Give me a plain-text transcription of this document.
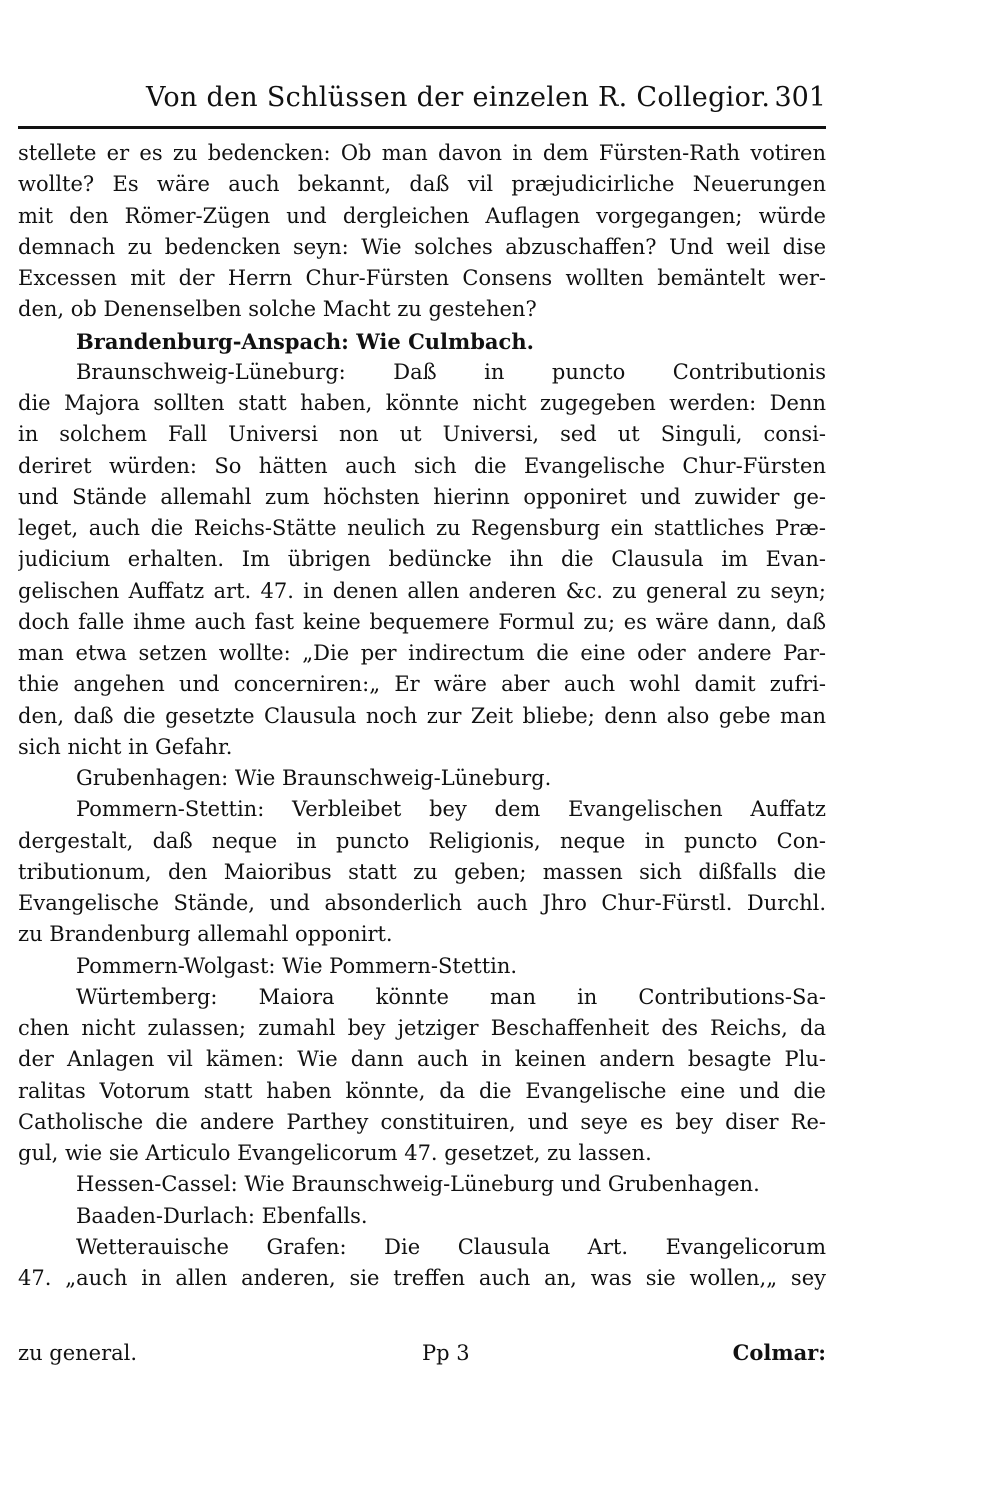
Von den Schlüssen der einzelen R. Collegior. 301
stellete er es zu bedencken: Ob man davon in dem Fürsten-Rath votiren
wollte? Es wäre auch bekannt, daß vil præjudicirliche Neuerungen
mit den Römer-Zügen und dergleichen Auflagen vorgegangen; würde
demnach zu bedencken seyn: Wie solches abzuschaffen? Und weil dise
Excessen mit der Herrn Chur-Fürsten Consens wollten bemäntelt wer-
den, ob Denenselben solche Macht zu gestehen?
Brandenburg-Anspach: Wie Culmbach.
Braunschweig-Lüneburg: Daß in puncto Contributionis
die Majora sollten statt haben, könnte nicht zugegeben werden: Denn
in solchem Fall Universi non ut Universi, sed ut Singuli, consi-
deriret würden: So hätten auch sich die Evangelische Chur-Fürsten
und Stände allemahl zum höchsten hierinn opponiret und zuwider ge-
leget, auch die Reichs-Stätte neulich zu Regensburg ein stattliches Præ-
judicium erhalten. Im übrigen bedüncke ihn die Clausula im Evan-
gelischen Auffatz art. 47. in denen allen anderen &c. zu general zu seyn;
doch falle ihme auch fast keine bequemere Formul zu; es wäre dann, daß
man etwa setzen wollte: „Die per indirectum die eine oder andere Par-
thie angehen und concerniren:„ Er wäre aber auch wohl damit zufri-
den, daß die gesetzte Clausula noch zur Zeit bliebe; denn also gebe man
sich nicht in Gefahr.
Grubenhagen: Wie Braunschweig-Lüneburg.
Pommern-Stettin: Verbleibet bey dem Evangelischen Auffatz
dergestalt, daß neque in puncto Religionis, neque in puncto Con-
tributionum, den Maioribus statt zu geben; massen sich dißfalls die
Evangelische Stände, und absonderlich auch Jhro Chur-Fürstl. Durchl.
zu Brandenburg allemahl opponirt.
Pommern-Wolgast: Wie Pommern-Stettin.
Würtemberg: Maiora könnte man in Contributions-Sa-
chen nicht zulassen; zumahl bey jetziger Beschaffenheit des Reichs, da
der Anlagen vil kämen: Wie dann auch in keinen andern besagte Plu-
ralitas Votorum statt haben könnte, da die Evangelische eine und die
Catholische die andere Parthey constituiren, und seye es bey diser Re-
gul, wie sie Articulo Evangelicorum 47. gesetzet, zu lassen.
Hessen-Cassel: Wie Braunschweig-Lüneburg und Grubenhagen.
Baaden-Durlach: Ebenfalls.
Wetterauische Grafen: Die Clausula Art. Evangelicorum
47. „auch in allen anderen, sie treffen auch an, was sie wollen,„ sey
zu general.	Pp 3	Colmar:
